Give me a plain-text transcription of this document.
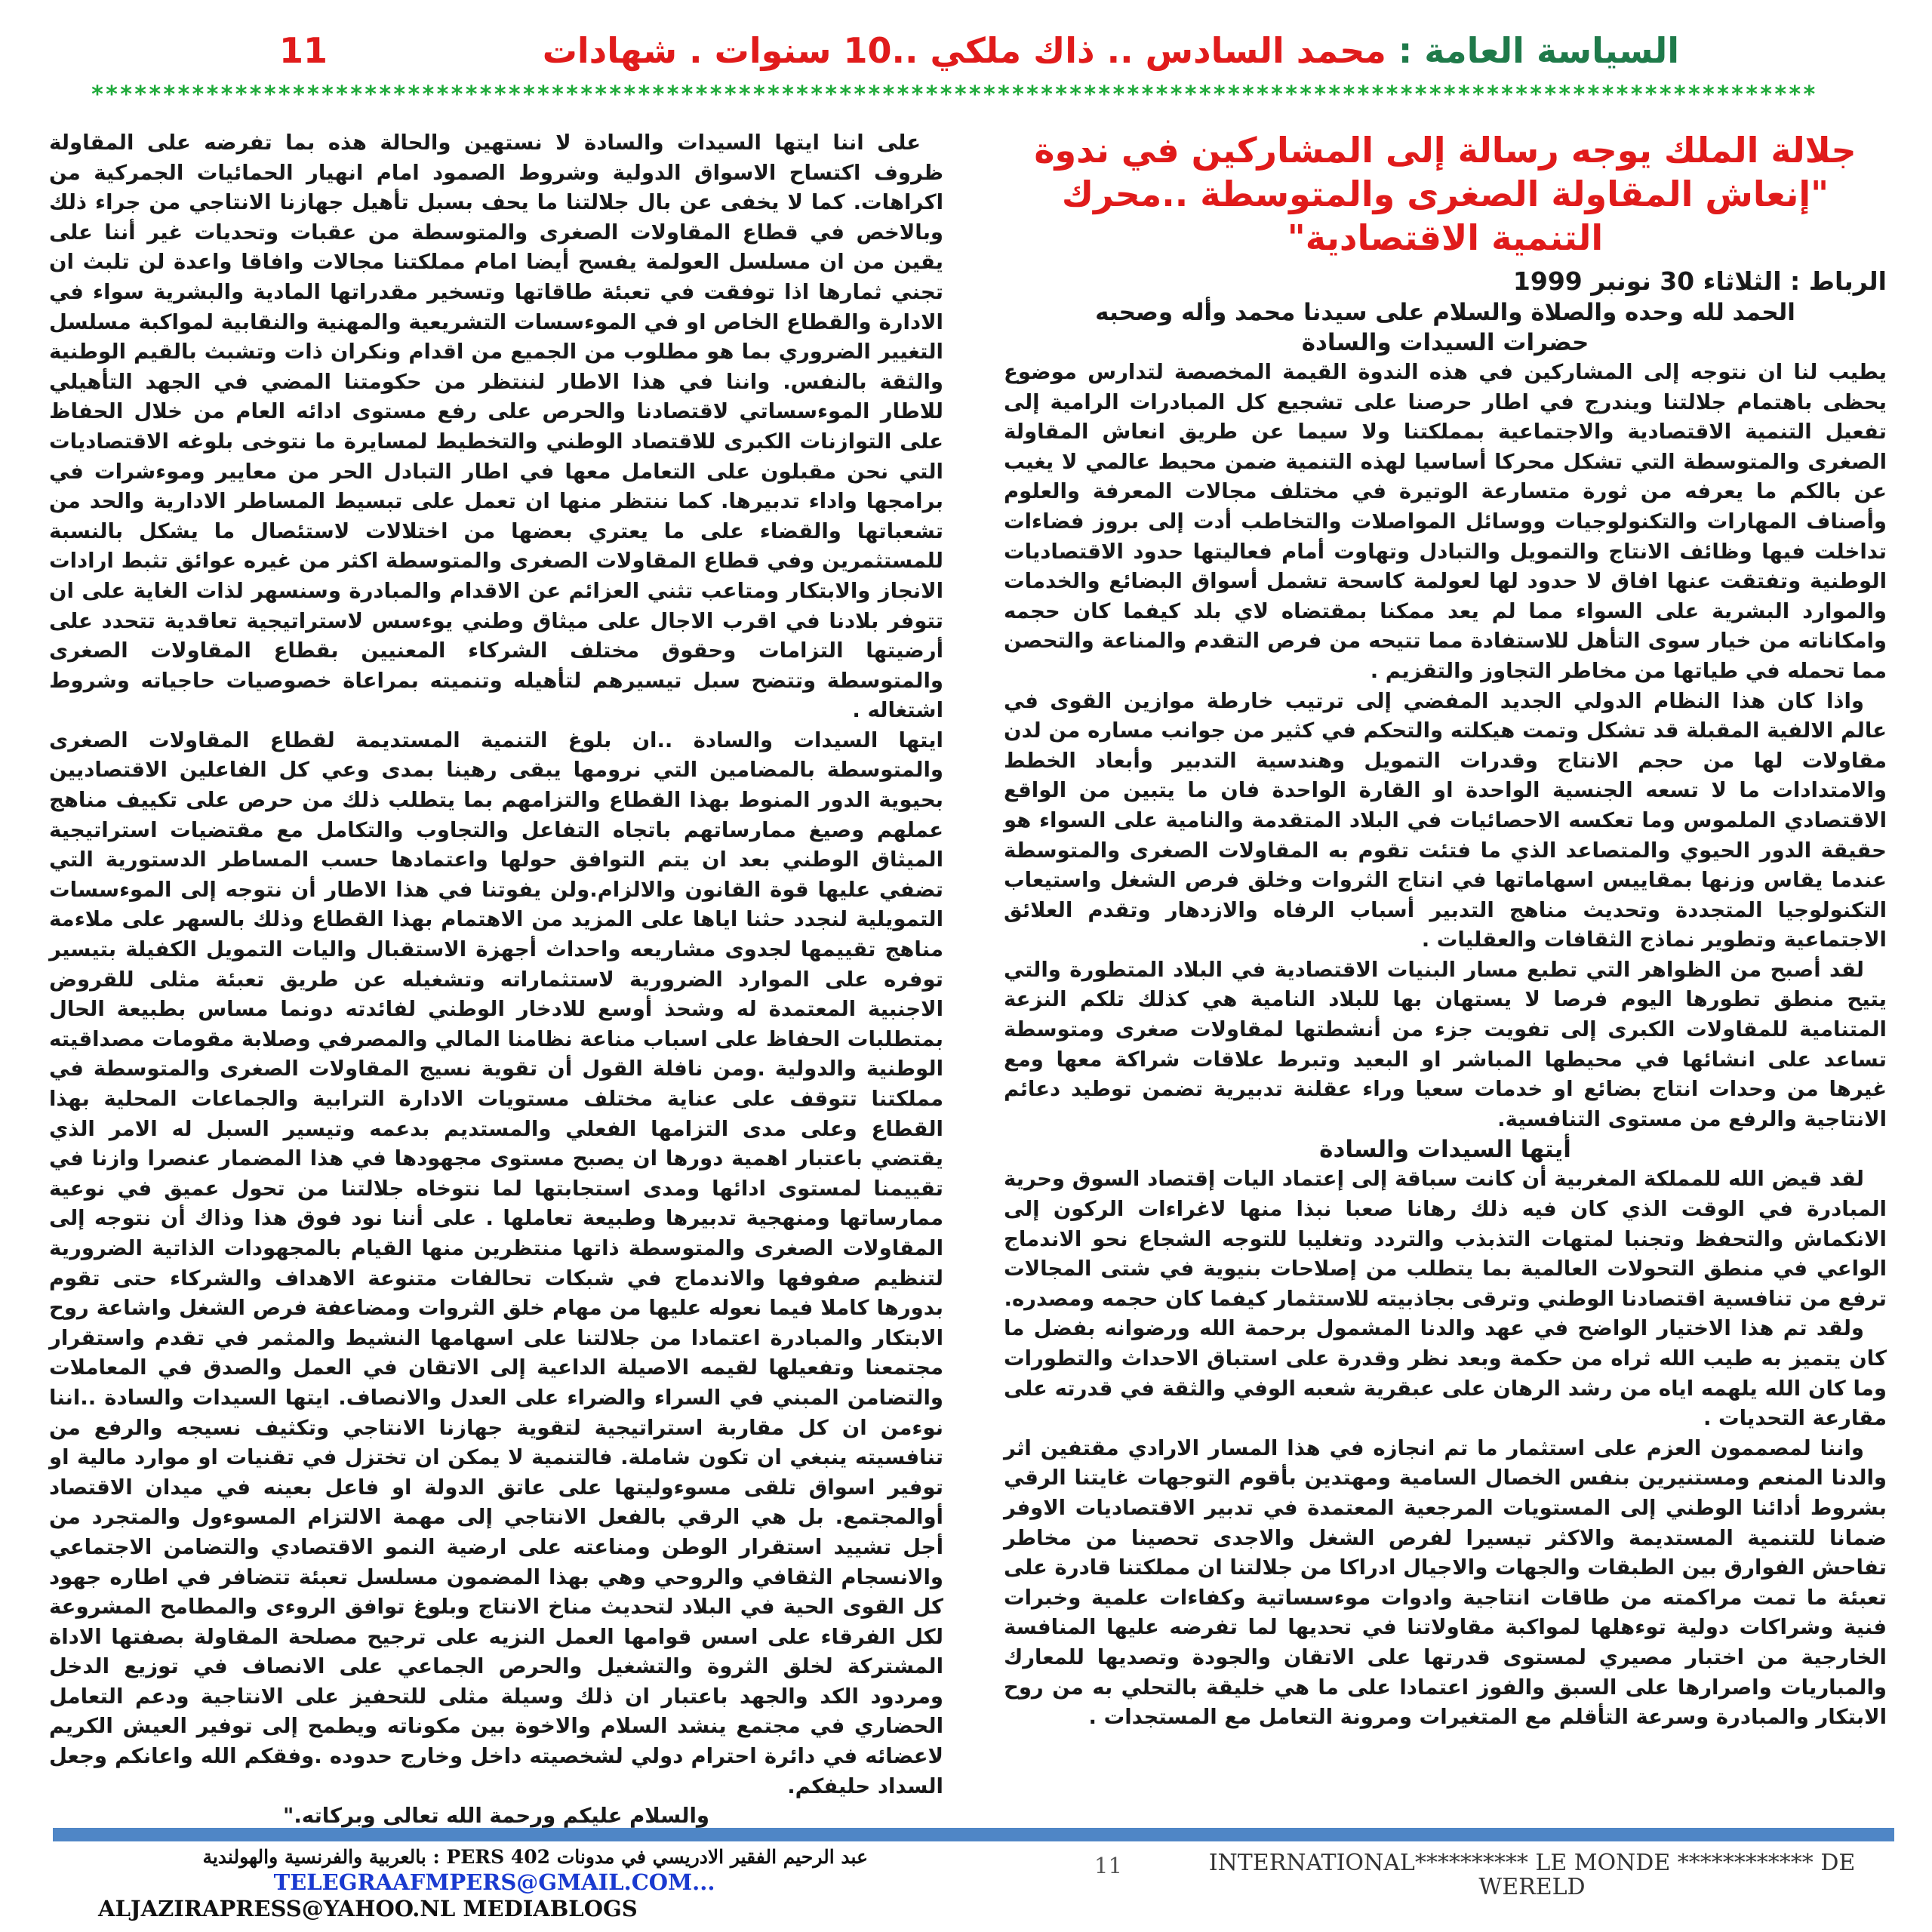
السياسة العامة : محمد السادس .. ذاك ملكي ..10 سنوات . شهادات
11
************************************************************************************************************************
جلالة الملك يوجه رسالة إلى المشاركين في ندوة "إنعاش المقاولة الصغرى والمتوسطة ..محرك التنمية الاقتصادية"

الرباط : الثلاثاء 30 نونبر 1999

الحمد لله وحده والصلاة والسلام على سيدنا محمد وأله وصحبه

حضرات السيدات والسادة

يطيب لنا ان نتوجه إلى المشاركين في هذه الندوة القيمة المخصصة لتدارس موضوع يحظى باهتمام جلالتنا ويندرج في اطار حرصنا على تشجيع كل المبادرات الرامية إلى تفعيل التنمية الاقتصادية والاجتماعية بمملكتنا ولا سيما عن طريق انعاش المقاولة الصغرى والمتوسطة التي تشكل محركا أساسيا لهذه التنمية ضمن محيط عالمي لا يغيب عن بالكم ما يعرفه من ثورة متسارعة الوتيرة في مختلف مجالات المعرفة والعلوم وأصناف المهارات والتكنولوجيات ووسائل المواصلات والتخاطب أدت إلى بروز فضاءات تداخلت فيها وظائف الانتاج والتمويل والتبادل وتهاوت أمام فعاليتها حدود الاقتصاديات الوطنية وتفتقت عنها افاق لا حدود لها لعولمة كاسحة تشمل أسواق البضائع والخدمات والموارد البشرية على السواء مما لم يعد ممكنا بمقتضاه لاي بلد كيفما كان حجمه وامكاناته من خيار سوى التأهل للاستفادة مما تتيحه من فرص التقدم والمناعة والتحصن مما تحمله في طياتها من مخاطر التجاوز والتقزيم .

واذا كان هذا النظام الدولي الجديد المفضي إلى ترتيب خارطة موازين القوى في عالم الالفية المقبلة قد تشكل وتمت هيكلته والتحكم في كثير من جوانب مساره من لدن مقاولات لها من حجم الانتاج وقدرات التمويل وهندسية التدبير وأبعاد الخطط والامتدادات ما لا تسعه الجنسية الواحدة او القارة الواحدة فان ما يتبين من الواقع الاقتصادي الملموس وما تعكسه الاحصائيات في البلاد المتقدمة والنامية على السواء هو حقيقة الدور الحيوي والمتصاعد الذي ما فتئت تقوم به المقاولات الصغرى والمتوسطة عندما يقاس وزنها بمقاييس اسهاماتها في انتاج الثروات وخلق فرص الشغل واستيعاب التكنولوجيا المتجددة وتحديث مناهج التدبير أسباب الرفاه والازدهار وتقدم العلائق الاجتماعية وتطوير نماذج الثقافات والعقليات .

لقد أصبح من الظواهر التي تطبع مسار البنيات الاقتصادية في البلاد المتطورة والتي يتيح منطق تطورها اليوم فرصا لا يستهان بها للبلاد النامية هي كذلك تلكم النزعة المتنامية للمقاولات الكبرى إلى تفويت جزء من أنشطتها لمقاولات صغرى ومتوسطة تساعد على انشائها في محيطها المباشر او البعيد وتبرط علاقات شراكة معها ومع غيرها من وحدات انتاج بضائع او خدمات سعيا وراء عقلنة تدبيرية تضمن توطيد دعائم الانتاجية والرفع من مستوى التنافسية.

أيتها السيدات والسادة

لقد قيض الله للمملكة المغربية أن كانت سباقة إلى إعتماد اليات إقتصاد السوق وحرية المبادرة في الوقت الذي كان فيه ذلك رهانا صعبا نبذا منها لاغراءات الركون إلى الانكماش والتحفظ وتجنبا لمتهات التذبذب والتردد وتغليبا للتوجه الشجاع نحو الاندماج الواعي في منطق التحولات العالمية بما يتطلب من إصلاحات بنيوية في شتى المجالات ترفع من تنافسية اقتصادنا الوطني وترقى بجاذبيته للاستثمار كيفما كان حجمه ومصدره.

ولقد تم هذا الاختيار الواضح في عهد والدنا المشمول برحمة الله ورضوانه بفضل ما كان يتميز به طيب الله ثراه من حكمة وبعد نظر وقدرة على استباق الاحداث والتطورات وما كان الله يلهمه اياه من رشد الرهان على عبقرية شعبه الوفي والثقة في قدرته على مقارعة التحديات .

واننا لمصممون العزم على استثمار ما تم انجازه في هذا المسار الارادي مقتفين اثر والدنا المنعم ومستنيرين بنفس الخصال السامية ومهتدين بأقوم التوجهات غايتنا الرقي بشروط أدائنا الوطني إلى المستويات المرجعية المعتمدة في تدبير الاقتصاديات الاوفر ضمانا للتنمية المستديمة والاكثر تيسيرا لفرص الشغل والاجدى تحصينا من مخاطر تفاحش الفوارق بين الطبقات والجهات والاجيال ادراكا من جلالتنا ان مملكتنا قادرة على تعبئة ما تمت مراكمته من طاقات انتاجية وادوات موءسساتية وكفاءات علمية وخبرات فنية وشراكات دولية توءهلها لمواكبة مقاولاتنا في تحديها لما تفرضه عليها المنافسة الخارجية من اختبار مصيري لمستوى قدرتها على الاتقان والجودة وتصديها للمعارك والمباريات واصرارها على السبق والفوز اعتمادا على ما هي خليقة بالتحلي به من روح الابتكار والمبادرة وسرعة التأقلم مع المتغيرات ومرونة التعامل مع المستجدات .

على اننا ايتها السيدات والسادة لا نستهين والحالة هذه بما تفرضه على المقاولة ظروف اكتساح الاسواق الدولية وشروط الصمود امام انهيار الحمائيات الجمركية من اكراهات. كما لا يخفى عن بال جلالتنا ما يحف بسبل تأهيل جهازنا الانتاجي من جراء ذلك وبالاخص في قطاع المقاولات الصغرى والمتوسطة من عقبات وتحديات غير أننا على يقين من ان مسلسل العولمة يفسح أيضا امام مملكتنا مجالات وافاقا واعدة لن تلبث ان تجني ثمارها اذا توفقت في تعبئة طاقاتها وتسخير مقدراتها المادية والبشرية سواء في الادارة والقطاع الخاص او في الموءسسات التشريعية والمهنية والنقابية لمواكبة مسلسل التغيير الضروري بما هو مطلوب من الجميع من اقدام ونكران ذات وتشبث بالقيم الوطنية والثقة بالنفس. واننا في هذا الاطار لننتظر من حكومتنا المضي في الجهد التأهيلي للاطار الموءسساتي لاقتصادنا والحرص على رفع مستوى ادائه العام من خلال الحفاظ على التوازنات الكبرى للاقتصاد الوطني والتخطيط لمسايرة ما نتوخى بلوغه الاقتصاديات التي نحن مقبلون على التعامل معها في اطار التبادل الحر من معايير وموءشرات في برامجها واداء تدبيرها. كما ننتظر منها ان تعمل على تبسيط المساطر الادارية والحد من تشعباتها والقضاء على ما يعتري بعضها من اختلالات لاستئصال ما يشكل بالنسبة للمستثمرين وفي قطاع المقاولات الصغرى والمتوسطة اكثر من غيره عوائق تثبط ارادات الانجاز والابتكار ومتاعب تثني العزائم عن الاقدام والمبادرة وسنسهر لذات الغاية على ان تتوفر بلادنا في اقرب الاجال على ميثاق وطني يوءسس لاستراتيجية تعاقدية تتحدد على أرضيتها التزامات وحقوق مختلف الشركاء المعنيين بقطاع المقاولات الصغرى والمتوسطة وتتضح سبل تيسيرهم لتأهيله وتنميته بمراعاة خصوصيات حاجياته وشروط اشتغاله .

ايتها السيدات والسادة ..ان بلوغ التنمية المستديمة لقطاع المقاولات الصغرى والمتوسطة بالمضامين التي نرومها يبقى رهينا بمدى وعي كل الفاعلين الاقتصاديين بحيوية الدور المنوط بهذا القطاع والتزامهم بما يتطلب ذلك من حرص على تكييف مناهج عملهم وصيغ ممارساتهم باتجاه التفاعل والتجاوب والتكامل مع مقتضيات استراتيجية الميثاق الوطني بعد ان يتم التوافق حولها واعتمادها حسب المساطر الدستورية التي تضفي عليها قوة القانون والالزام.ولن يفوتنا في هذا الاطار أن نتوجه إلى الموءسسات التمويلية لنجدد حثنا اياها على المزيد من الاهتمام بهذا القطاع وذلك بالسهر على ملاءمة مناهج تقييمها لجدوى مشاريعه واحداث أجهزة الاستقبال واليات التمويل الكفيلة بتيسير توفره على الموارد الضرورية لاستثماراته وتشغيله عن طريق تعبئة مثلى للقروض الاجنبية المعتمدة له وشحذ أوسع للادخار الوطني لفائدته دونما مساس بطبيعة الحال بمتطلبات الحفاظ على اسباب مناعة نظامنا المالي والمصرفي وصلابة مقومات مصداقيته الوطنية والدولية .ومن نافلة القول أن تقوية نسيج المقاولات الصغرى والمتوسطة في مملكتنا تتوقف على عناية مختلف مستويات الادارة الترابية والجماعات المحلية بهذا القطاع وعلى مدى التزامها الفعلي والمستديم بدعمه وتيسير السبل له الامر الذي يقتضي باعتبار اهمية دورها ان يصبح مستوى مجهودها في هذا المضمار عنصرا وازنا في تقييمنا لمستوى ادائها ومدى استجابتها لما نتوخاه جلالتنا من تحول عميق في نوعية ممارساتها ومنهجية تدبيرها وطبيعة تعاملها . على أننا نود فوق هذا وذاك أن نتوجه إلى المقاولات الصغرى والمتوسطة ذاتها منتظرين منها القيام بالمجهودات الذاتية الضرورية لتنظيم صفوفها والاندماج في شبكات تحالفات متنوعة الاهداف والشركاء حتى تقوم بدورها كاملا فيما نعوله عليها من مهام خلق الثروات ومضاعفة فرص الشغل واشاعة روح الابتكار والمبادرة اعتمادا من جلالتنا على اسهامها النشيط والمثمر في تقدم واستقرار مجتمعنا وتفعيلها لقيمه الاصيلة الداعية إلى الاتقان في العمل والصدق في المعاملات والتضامن المبني في السراء والضراء على العدل والانصاف. ايتها السيدات والسادة ..اننا نوءمن ان كل مقاربة استراتيجية لتقوية جهازنا الانتاجي وتكثيف نسيجه والرفع من تنافسيته ينبغي ان تكون شاملة. فالتنمية لا يمكن ان تختزل في تقنيات او موارد مالية او توفير اسواق تلقى مسوءوليتها على عاتق الدولة او فاعل بعينه في ميدان الاقتصاد أوالمجتمع. بل هي الرقي بالفعل الانتاجي إلى مهمة الالتزام المسوءول والمتجرد من أجل تشييد استقرار الوطن ومناعته على ارضية النمو الاقتصادي والتضامن الاجتماعي والانسجام الثقافي والروحي وهي بهذا المضمون مسلسل تعبئة تتضافر في اطاره جهود كل القوى الحية في البلاد لتحديث مناخ الانتاج وبلوغ توافق الروءى والمطامح المشروعة لكل الفرقاء على اسس قوامها العمل النزيه على ترجيح مصلحة المقاولة بصفتها الاداة المشتركة لخلق الثروة والتشغيل والحرص الجماعي على الانصاف في توزيع الدخل ومردود الكد والجهد باعتبار ان ذلك وسيلة مثلى للتحفيز على الانتاجية ودعم التعامل الحضاري في مجتمع ينشد السلام والاخوة بين مكوناته ويطمح إلى توفير العيش الكريم لاعضائه في دائرة احترام دولي لشخصيته داخل وخارج حدوده .وفقكم الله واعانكم وجعل السداد حليفكم.

والسلام عليكم ورحمة الله تعالى وبركاته."

عبد الرحيم الفقير الادريسي في مدونات PERS 402 : بالعربية والفرنسية والهولندية
TELEGRAAFMPERS@GMAIL.COM...
ALJAZIRAPRESS@YAHOO.NL MEDIABLOGS
11	INTERNATIONAL********** LE MONDE ************ DE WERELD
